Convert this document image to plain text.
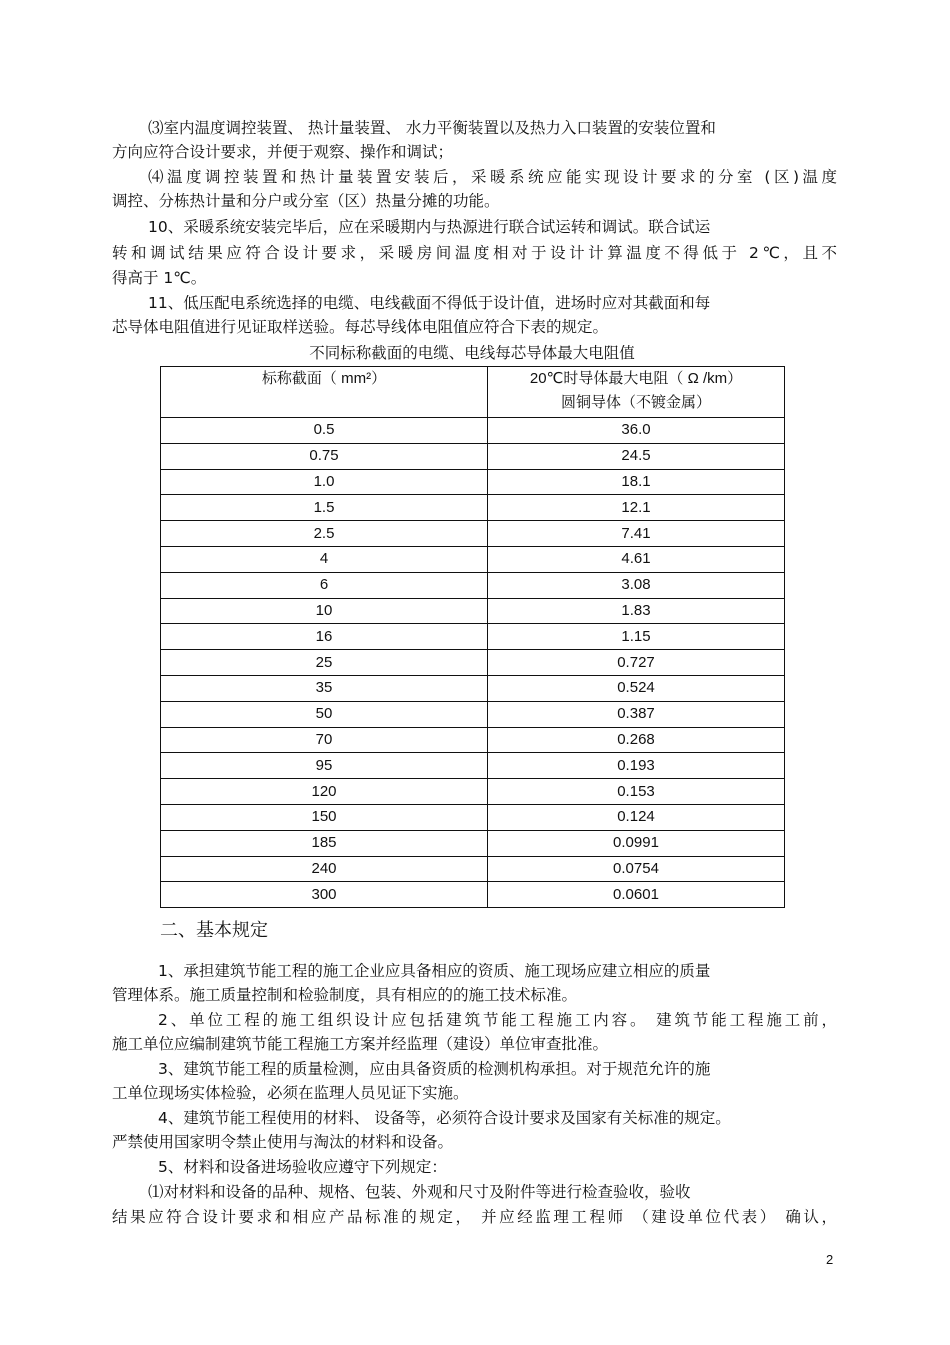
⑶室内温度调控装置、 热计量装置、 水力平衡装置以及热力入口装置的安装位置和
方向应符合设计要求，并便于观察、操作和调试；
⑷温度调控装置和热计量装置安装后，采暖系统应能实现设计要求的分室 (区)温度
调控、分栋热计量和分户或分室（区）热量分摊的功能。
10、采暖系统安装完毕后，应在采暖期内与热源进行联合试运转和调试。联合试运
转和调试结果应符合设计要求，采暖房间温度相对于设计计算温度不得低于 2℃，且不
得高于 1℃。
11、低压配电系统选择的电缆、电线截面不得低于设计值，进场时应对其截面和每
芯导体电阻值进行见证取样送验。每芯导线体电阻值应符合下表的规定。
不同标称截面的电缆、电线每芯导体最大电阻值
标称截面（ mm²）	20℃时导体最大电阻（ Ω /km）
圆铜导体（不镀金属）

0.5	36.0
0.75	24.5
1.0	18.1
1.5	12.1
2.5	7.41
4	4.61
6	3.08
10	1.83
16	1.15
25	0.727
35	0.524
50	0.387
70	0.268
95	0.193
120	0.153
150	0.124
185	0.0991
240	0.0754
300	0.0601
二、基本规定
1、承担建筑节能工程的施工企业应具备相应的资质、施工现场应建立相应的质量
管理体系。施工质量控制和检验制度，具有相应的的施工技术标准。
2、单位工程的施工组织设计应包括建筑节能工程施工内容。 建筑节能工程施工前，
施工单位应编制建筑节能工程施工方案并经监理（建设）单位审查批准。
3、建筑节能工程的质量检测，应由具备资质的检测机构承担。对于规范允许的施
工单位现场实体检验，必须在监理人员见证下实施。
4、建筑节能工程使用的材料、 设备等，必须符合设计要求及国家有关标准的规定。
严禁使用国家明令禁止使用与淘汰的材料和设备。
5、材料和设备进场验收应遵守下列规定：
⑴对材料和设备的品种、规格、包装、外观和尺寸及附件等进行检查验收，验收
结果应符合设计要求和相应产品标准的规定， 并应经监理工程师 （建设单位代表） 确认，
2
